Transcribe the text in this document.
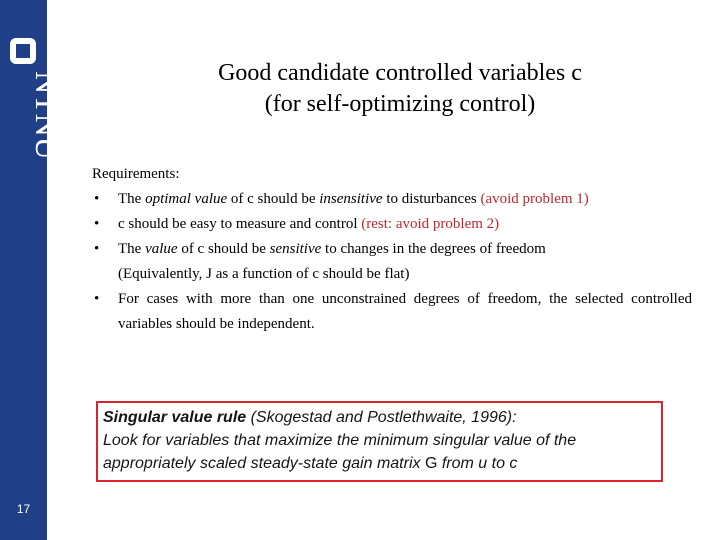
NTNU
17
Good candidate controlled variables c
(for self-optimizing control)
Requirements:
• The optimal value of c should be insensitive to disturbances (avoid problem 1)
• c should be easy to measure and control (rest: avoid problem 2)
• The value of c should be sensitive to changes in the degrees of freedom
(Equivalently, J as a function of c should be flat)
• For cases with more than one unconstrained degrees of freedom, the selected controlled variables should be independent.
Singular value rule (Skogestad and Postlethwaite, 1996):
Look for variables that maximize the minimum singular value of the appropriately scaled steady-state gain matrix G from u to c
